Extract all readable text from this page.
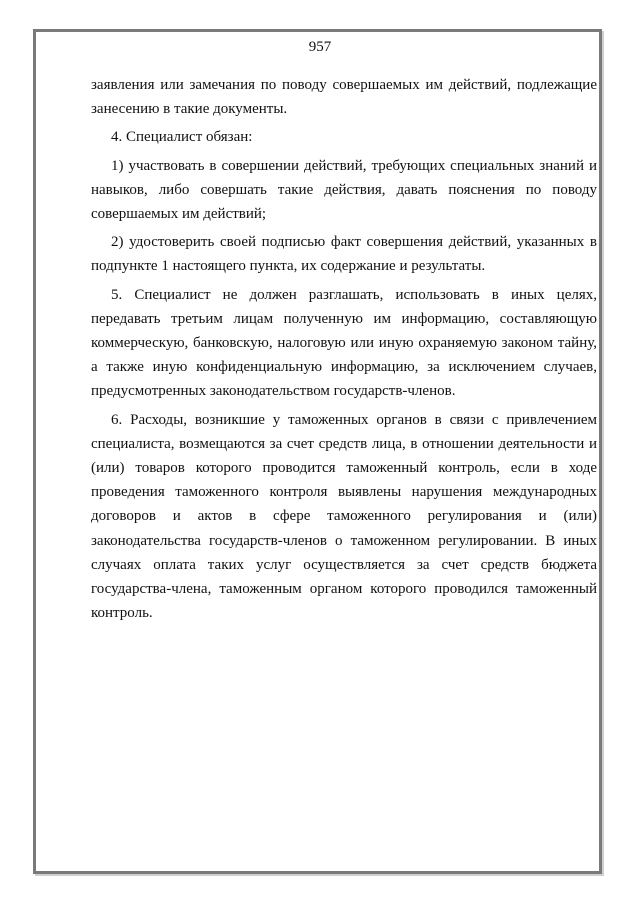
957

заявления или замечания по поводу совершаемых им действий, подлежащие занесению в такие документы.

4. Специалист обязан:

1) участвовать в совершении действий, требующих специальных знаний и навыков, либо совершать такие действия, давать пояснения по поводу совершаемых им действий;

2) удостоверить своей подписью факт совершения действий, указанных в подпункте 1 настоящего пункта, их содержание и результаты.

5. Специалист не должен разглашать, использовать в иных целях, передавать третьим лицам полученную им информацию, составляющую коммерческую, банковскую, налоговую или иную охраняемую законом тайну, а также иную конфиденциальную информацию, за исключением случаев, предусмотренных законодательством государств-членов.

6. Расходы, возникшие у таможенных органов в связи с привлечением специалиста, возмещаются за счет средств лица, в отношении деятельности и (или) товаров которого проводится таможенный контроль, если в ходе проведения таможенного контроля выявлены нарушения международных договоров и актов в сфере таможенного регулирования и (или) законодательства государств-членов о таможенном регулировании. В иных случаях оплата таких услуг осуществляется за счет средств бюджета государства-члена, таможенным органом которого проводился таможенный контроль.
